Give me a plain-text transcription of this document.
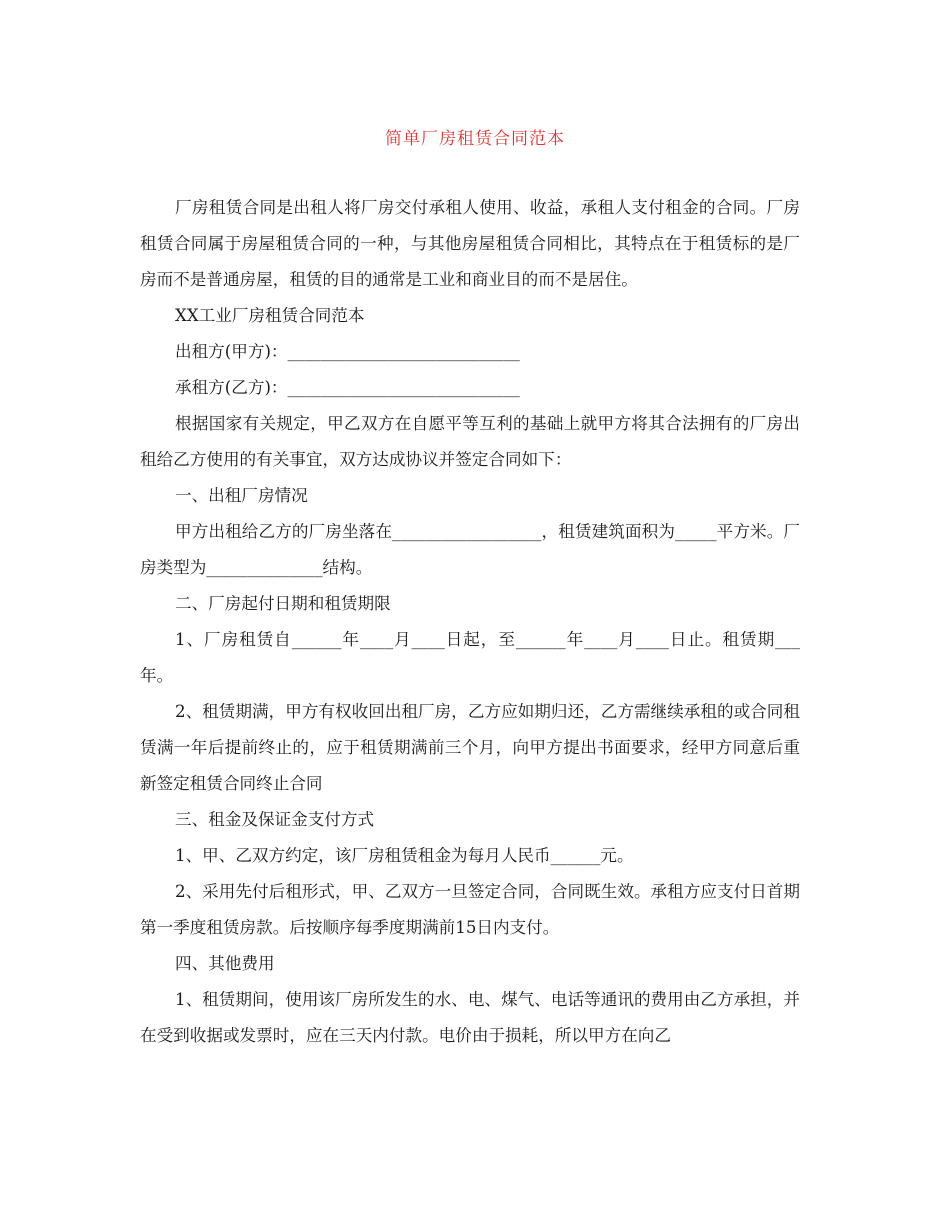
简单厂房租赁合同范本

厂房租赁合同是出租人将厂房交付承租人使用、收益，承租人支付租金的合同。厂房租赁合同属于房屋租赁合同的一种，与其他房屋租赁合同相比，其特点在于租赁标的是厂房而不是普通房屋，租赁的目的通常是工业和商业目的而不是居住。

XX工业厂房租赁合同范本

出租方(甲方)：____________________________

承租方(乙方)：____________________________

根据国家有关规定，甲乙双方在自愿平等互利的基础上就甲方将其合法拥有的厂房出租给乙方使用的有关事宜，双方达成协议并签定合同如下：

一、出租厂房情况

甲方出租给乙方的厂房坐落在__________________，租赁建筑面积为_____平方米。厂房类型为______________结构。

二、厂房起付日期和租赁期限

1、厂房租赁自______年____月____日起，至______年____月____日止。租赁期___年。

2、租赁期满，甲方有权收回出租厂房，乙方应如期归还，乙方需继续承租的或合同租赁满一年后提前终止的，应于租赁期满前三个月，向甲方提出书面要求，经甲方同意后重新签定租赁合同终止合同

三、租金及保证金支付方式

1、甲、乙双方约定，该厂房租赁租金为每月人民币______元。

2、采用先付后租形式，甲、乙双方一旦签定合同，合同既生效。承租方应支付日首期第一季度租赁房款。后按顺序每季度期满前15日内支付。

四、其他费用

1、租赁期间，使用该厂房所发生的水、电、煤气、电话等通讯的费用由乙方承担，并在受到收据或发票时，应在三天内付款。电价由于损耗，所以甲方在向乙
